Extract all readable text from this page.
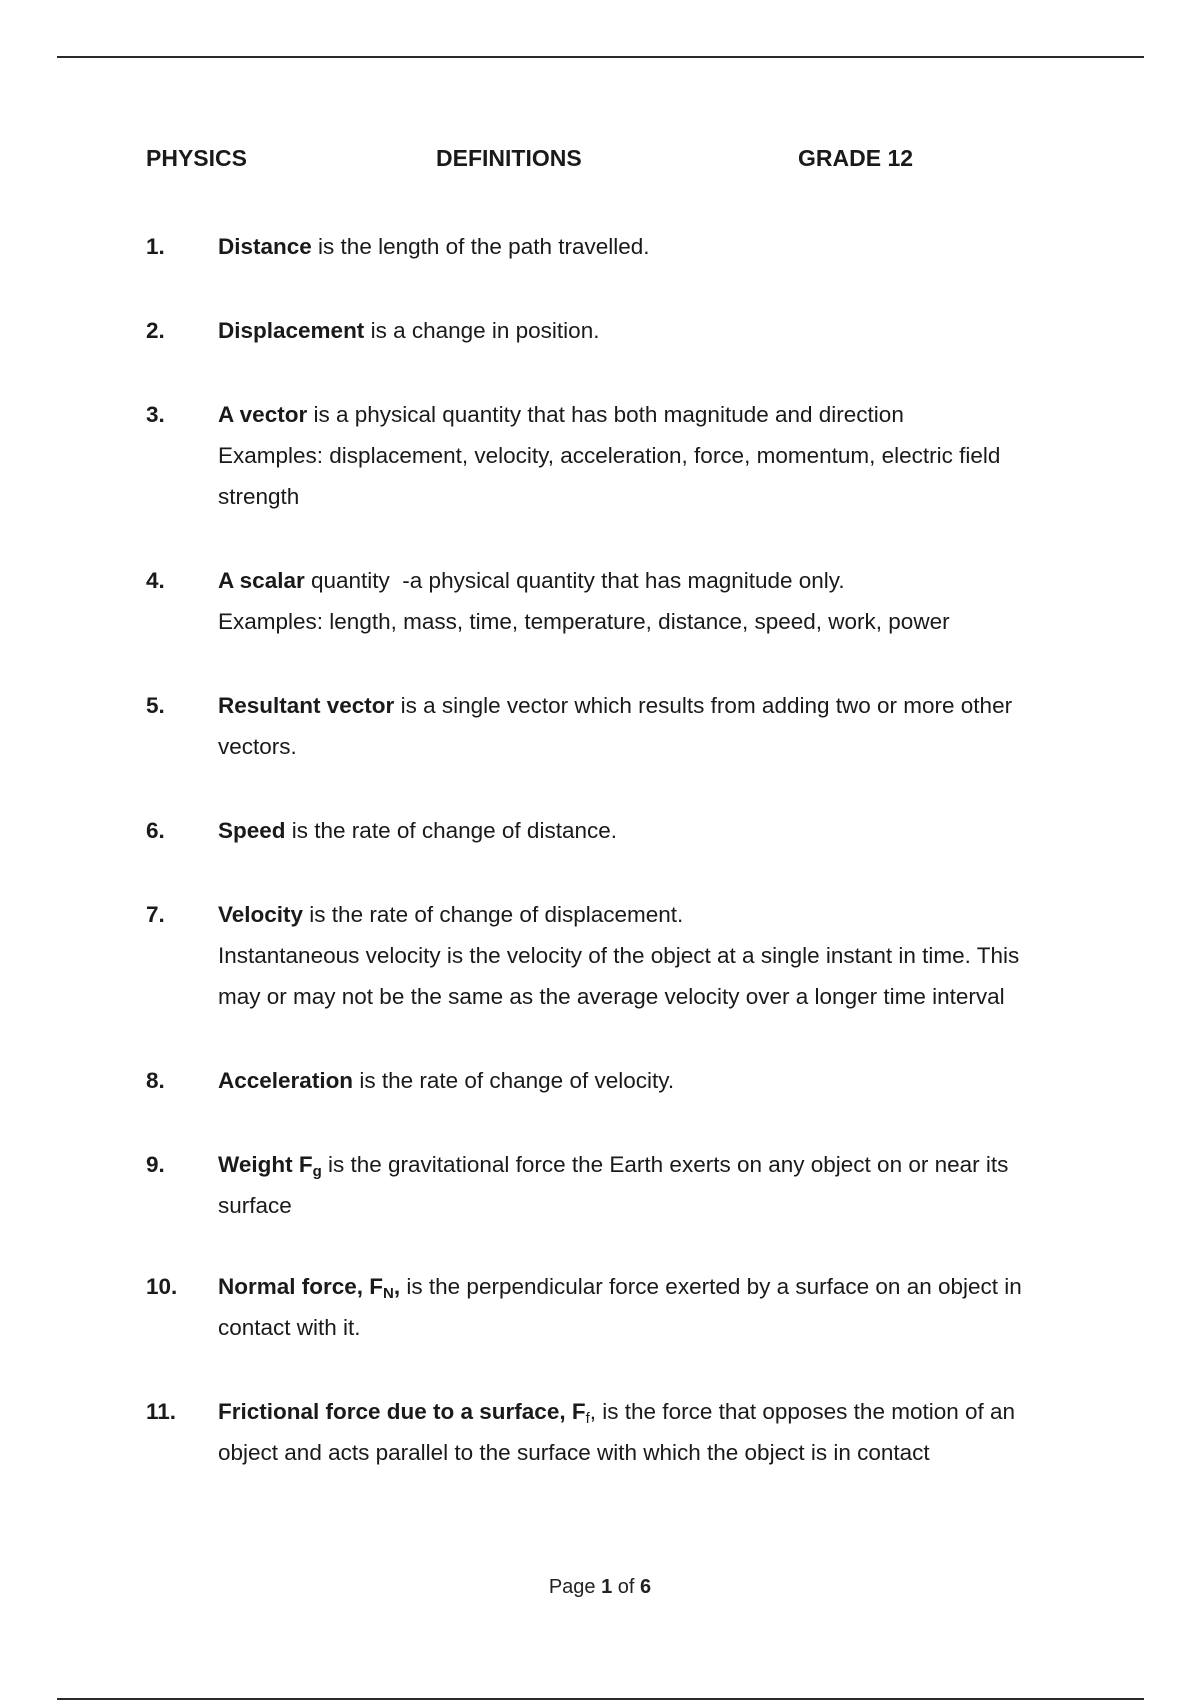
PHYSICS	DEFINITIONS	GRADE 12
1. Distance is the length of the path travelled.

2. Displacement is a change in position.

3. A vector is a physical quantity that has both magnitude and direction

Examples: displacement, velocity, acceleration, force, momentum, electric field strength

4. A scalar quantity  -a physical quantity that has magnitude only.

Examples: length, mass, time, temperature, distance, speed, work, power

5. Resultant vector is a single vector which results from adding two or more other vectors.

6. Speed is the rate of change of distance.

7. Velocity is the rate of change of displacement.

Instantaneous velocity is the velocity of the object at a single instant in time. This may or may not be the same as the average velocity over a longer time interval

8. Acceleration is the rate of change of velocity.

9. Weight $F_g$ is the gravitational force the Earth exerts on any object on or near its surface

10. Normal force, $F_N$, is the perpendicular force exerted by a surface on an object in contact with it.

11. Frictional force due to a surface, $F_f$, is the force that opposes the motion of an object and acts parallel to the surface with which the object is in contact

Page 1 of 6
